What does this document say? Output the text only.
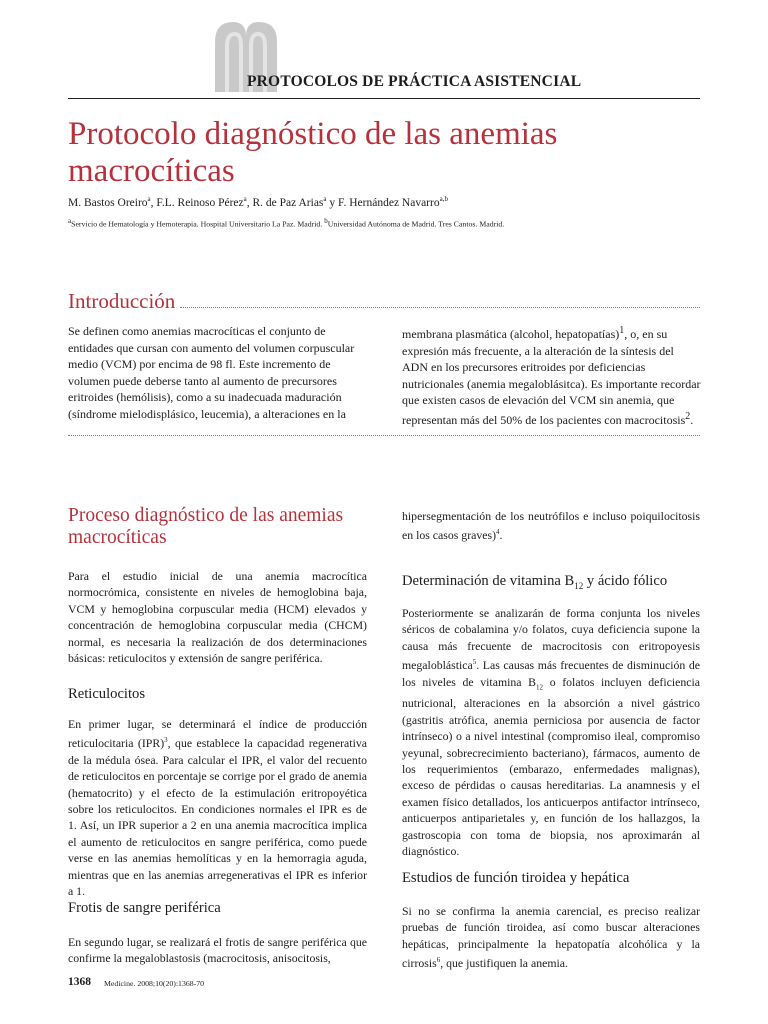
PROTOCOLOS DE PRÁCTICA ASISTENCIAL
Protocolo diagnóstico de las anemias
macrocíticas
M. Bastos Oreiro$^a$, F.L. Reinoso Pérez$^a$, R. de Paz Arias$^a$ y F. Hernández Navarro$^{a,b}$
$^a$Servicio de Hematología y Hemoterapia. Hospital Universitario La Paz. Madrid. $^b$Universidad Autónoma de Madrid. Tres Cantos. Madrid.
Introducción
Se definen como anemias macrocíticas el conjunto de
entidades que cursan con aumento del volumen corpuscular
medio (VCM) por encima de 98 fl. Este incremento de
volumen puede deberse tanto al aumento de precursores
eritroides (hemólisis), como a su inadecuada maduración
(síndrome mielodisplásico, leucemia), a alteraciones en la
membrana plasmática (alcohol, hepatopatías)$^1$, o, en su
expresión más frecuente, a la alteración de la síntesis del
ADN en los precursores eritroides por deficiencias
nutricionales (anemia megaloblásitca). Es importante recordar
que existen casos de elevación del VCM sin anemia, que
representan más del 50% de los pacientes con macrocitosis$^2$.
Proceso diagnóstico de las anemias
macrocíticas

Para el estudio inicial de una anemia macrocítica normocrómica, consistente en niveles de hemoglobina baja, VCM y hemoglobina corpuscular media (HCM) elevados y concentración de hemoglobina corpuscular media (CHCM) normal, es necesaria la realización de dos determinaciones básicas: reticulocitos y extensión de sangre periférica.

Reticulocitos

En primer lugar, se determinará el índice de producción reticulocitaria (IPR)$^3$, que establece la capacidad regenerativa de la médula ósea. Para calcular el IPR, el valor del recuento de reticulocitos en porcentaje se corrige por el grado de anemia (hematocrito) y el efecto de la estimulación eritropoyética sobre los reticulocitos. En condiciones normales el IPR es de 1. Así, un IPR superior a 2 en una anemia macrocítica implica el aumento de reticulocitos en sangre periférica, como puede verse en las anemias hemolíticas y en la hemorragia aguda, mientras que en las anemias arregenerativas el IPR es inferior a 1.

Frotis de sangre periférica

En segundo lugar, se realizará el frotis de sangre periférica que confirme la megaloblastosis (macrocitosis, anisocitosis,

hipersegmentación de los neutrófilos e incluso poiquilocitosis en los casos graves)$^4$.

Determinación de vitamina $B_{12}$ y ácido fólico

Posteriormente se analizarán de forma conjunta los niveles séricos de cobalamina y/o folatos, cuya deficiencia supone la causa más frecuente de macrocitosis con eritropoyesis megaloblástica$^5$. Las causas más frecuentes de disminución de los niveles de vitamina $B_{12}$ o folatos incluyen deficiencia nutricional, alteraciones en la absorción a nivel gástrico (gastritis atrófica, anemia perniciosa por ausencia de factor intrínseco) o a nivel intestinal (compromiso ileal, compromiso yeyunal, sobrecrecimiento bacteriano), fármacos, aumento de los requerimientos (embarazo, enfermedades malignas), exceso de pérdidas o causas hereditarias. La anamnesis y el examen físico detallados, los anticuerpos antifactor intrínseco, anticuerpos antiparietales y, en función de los hallazgos, la gastroscopia con toma de biopsia, nos aproximarán al diagnóstico.

Estudios de función tiroidea y hepática

Si no se confirma la anemia carencial, es preciso realizar pruebas de función tiroidea, así como buscar alteraciones hepáticas, principalmente la hepatopatía alcohólica y la cirrosis$^6$, que justifiquen la anemia.

1368 Medicine. 2008;10(20):1368-70
